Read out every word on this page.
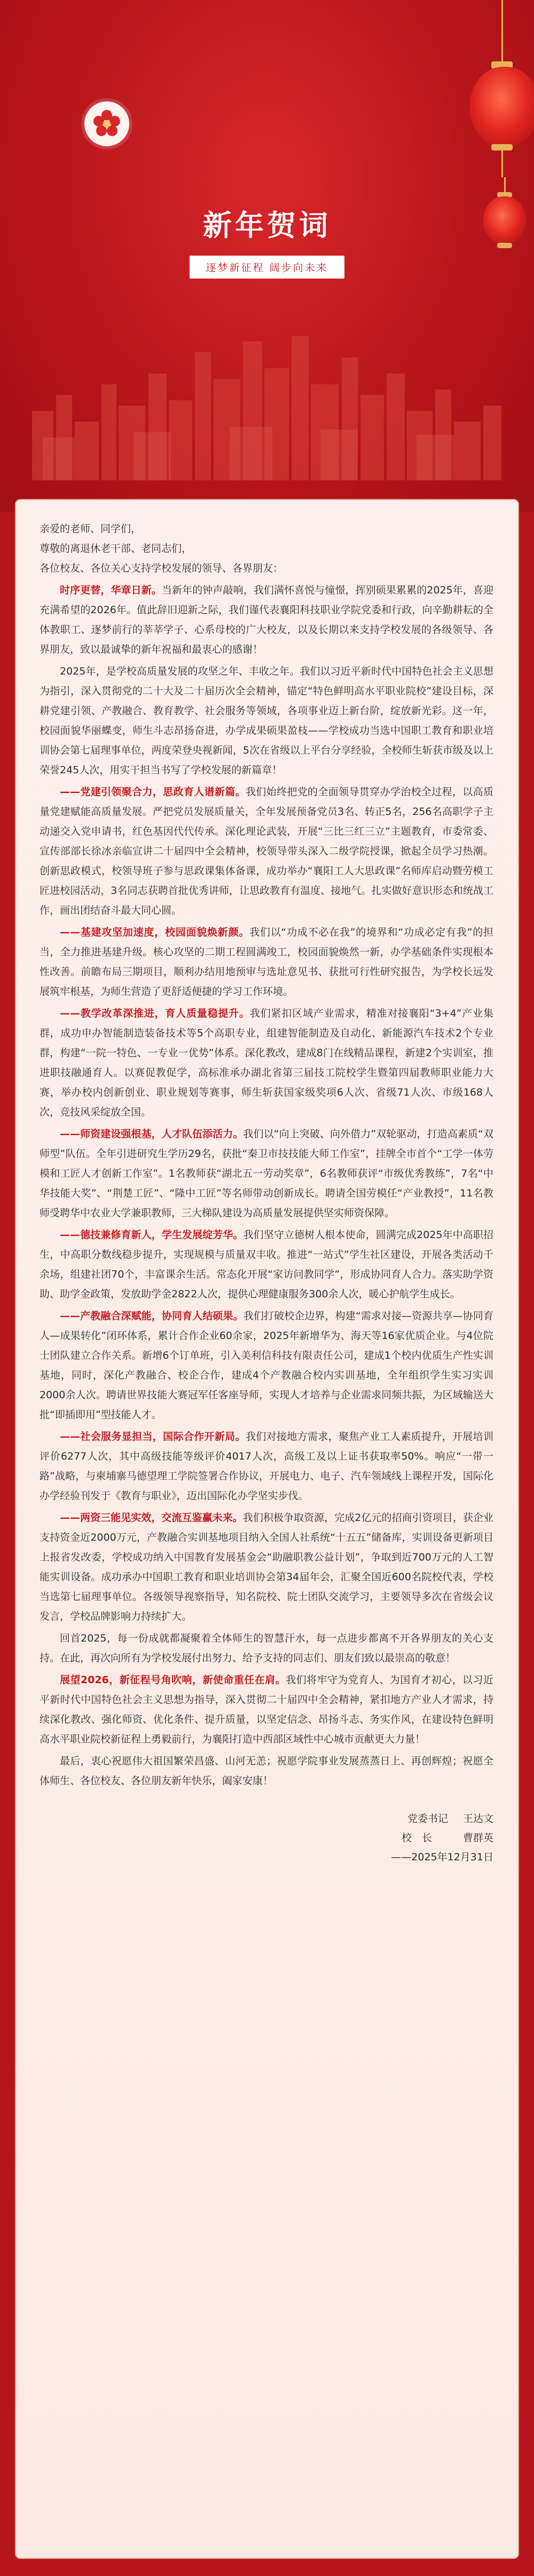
新年贺词
逐梦新征程 阔步向未来

亲爱的老师、同学们，

尊敬的离退休老干部、老同志们，

各位校友、各位关心支持学校发展的领导、各界朋友：

时序更替，华章日新。当新年的钟声敲响，我们满怀喜悦与憧憬，挥别硕果累累的2025年，喜迎充满希望的2026年。值此辞旧迎新之际，我们谨代表襄阳科技职业学院党委和行政，向辛勤耕耘的全体教职工、逐梦前行的莘莘学子、心系母校的广大校友，以及长期以来支持学校发展的各级领导、各界朋友，致以最诚挚的新年祝福和最衷心的感谢！

2025年，是学校高质量发展的攻坚之年、丰收之年。我们以习近平新时代中国特色社会主义思想为指引，深入贯彻党的二十大及二十届历次全会精神，锚定“特色鲜明高水平职业院校”建设目标，深耕党建引领、产教融合、教育教学、社会服务等领域，各项事业迈上新台阶，绽放新光彩。这一年，校园面貌华丽蝶变，师生斗志昂扬奋进，办学成果硕果盈枝——学校成功当选中国职工教育和职业培训协会第七届理事单位，两度荣登央视新闻，5次在省级以上平台分享经验，全校师生斩获市级及以上荣誉245人次，用实干担当书写了学校发展的新篇章！

——党建引领聚合力，思政育人谱新篇。我们始终把党的全面领导贯穿办学治校全过程，以高质量党建赋能高质量发展。严把党员发展质量关，全年发展预备党员3名、转正5名，256名高职学子主动递交入党申请书，红色基因代代传承。深化理论武装，开展“三比三红三立”主题教育，市委常委、宣传部部长徐冰亲临宣讲二十届四中全会精神，校领导带头深入二级学院授课，掀起全员学习热潮。创新思政模式，校领导班子参与思政课集体备课，成功举办“襄阳工人大思政课”名师库启动暨劳模工匠进校园活动，3名同志获聘首批优秀讲师，让思政教育有温度、接地气。扎实做好意识形态和统战工作，画出团结奋斗最大同心圆。

——基建攻坚加速度，校园面貌焕新颜。我们以“功成不必在我”的境界和“功成必定有我”的担当，全力推进基建升级。核心攻坚的二期工程圆满竣工，校园面貌焕然一新，办学基础条件实现根本性改善。前瞻布局三期项目，顺利办结用地预审与选址意见书、获批可行性研究报告，为学校长远发展筑牢根基，为师生营造了更舒适便捷的学习工作环境。

——教学改革深推进，育人质量稳提升。我们紧扣区域产业需求，精准对接襄阳“3+4”产业集群，成功申办智能制造装备技术等5个高职专业，组建智能制造及自动化、新能源汽车技术2个专业群，构建“一院一特色、一专业一优势”体系。深化教改，建成8门在线精品课程，新建2个实训室，推进职技融通育人。以赛促教促学，高标准承办湖北省第三届技工院校学生暨第四届教师职业能力大赛，举办校内创新创业、职业规划等赛事，师生斩获国家级奖项6人次、省级71人次、市级168人次，竞技风采绽放全国。

——师资建设强根基，人才队伍添活力。我们以“向上突破、向外借力”双轮驱动，打造高素质“双师型”队伍。全年引进研究生学历29名，获批“秦卫市技技能大师工作室”，挂牌全市首个“工学一体劳模和工匠人才创新工作室”。1名教师获“湖北五一劳动奖章”，6名教师获评“市级优秀教练”，7名“中华技能大奖”、“荆楚工匠”、“隆中工匠”等名师带动创新成长。聘请全国劳模任“产业教授”，11名教师受聘华中农业大学兼职教师，三大梯队建设为高质量发展提供坚实师资保障。

——德技兼修育新人，学生发展绽芳华。我们坚守立德树人根本使命，圆满完成2025年中高职招生，中高职分数线稳步提升，实现规模与质量双丰收。推进“一站式”学生社区建设，开展各类活动千余场，组建社团70个，丰富课余生活。常态化开展“家访问教同学”，形成协同育人合力。落实助学资助、助学金政策，发放助学金2822人次，提供心理健康服务300余人次，暖心护航学生成长。

——产教融合深赋能，协同育人结硕果。我们打破校企边界，构建“需求对接—资源共享—协同育人—成果转化”闭环体系，累计合作企业60余家，2025年新增华为、海天等16家优质企业。与4位院士团队建立合作关系。新增6个订单班，引入美利信科技有限责任公司，建成1个校内优质生产性实训基地，同时，深化产教融合、校企合作，建成4个产教融合校内实训基地，全年组织学生实习实训2000余人次。聘请世界技能大赛冠军任客座导师，实现人才培养与企业需求同频共振，为区域输送大批“即插即用”型技能人才。

——社会服务显担当，国际合作开新局。我们对接地方需求，聚焦产业工人素质提升，开展培训评价6277人次，其中高级技能等级评价4017人次，高级工及以上证书获取率50%。响应“一带一路”战略，与柬埔寨马德望理工学院签署合作协议，开展电力、电子、汽车领域线上课程开发，国际化办学经验刊发于《教育与职业》，迈出国际化办学坚实步伐。

——两资三能见实效，交流互鉴赢未来。我们积极争取资源，完成2亿元的招商引资项目，获企业支持资金近2000万元，产教融合实训基地项目纳入全国人社系统“十五五”储备库，实训设备更新项目上报省发改委，学校成功纳入中国教育发展基金会“助融职教公益计划”，争取到近700万元的人工智能实训设备。成功承办中国职工教育和职业培训协会第34届年会，汇聚全国近600名院校代表，学校当选第七届理事单位。各级领导视察指导，知名院校、院士团队交流学习，主要领导多次在省级会议发言，学校品牌影响力持续扩大。

回首2025，每一份成就都凝聚着全体师生的智慧汗水，每一点进步都离不开各界朋友的关心支持。在此，再次向所有为学校发展付出努力、给予支持的同志们、朋友们致以最崇高的敬意！

展望2026，新征程号角吹响，新使命重任在肩。我们将牢守为党育人、为国育才初心，以习近平新时代中国特色社会主义思想为指导，深入贯彻二十届四中全会精神，紧扣地方产业人才需求，持续深化教改、强化师资、优化条件、提升质量，以坚定信念、昂扬斗志、务实作风，在建设特色鲜明高水平职业院校新征程上勇毅前行，为襄阳打造中西部区域性中心城市贡献更大力量！

最后，衷心祝愿伟大祖国繁荣昌盛、山河无恙；祝愿学院事业发展蒸蒸日上、再创辉煌；祝愿全体师生、各位校友、各位朋友新年快乐，阖家安康！

党委书记 王达文
校　长	曹群英
——2025年12月31日
